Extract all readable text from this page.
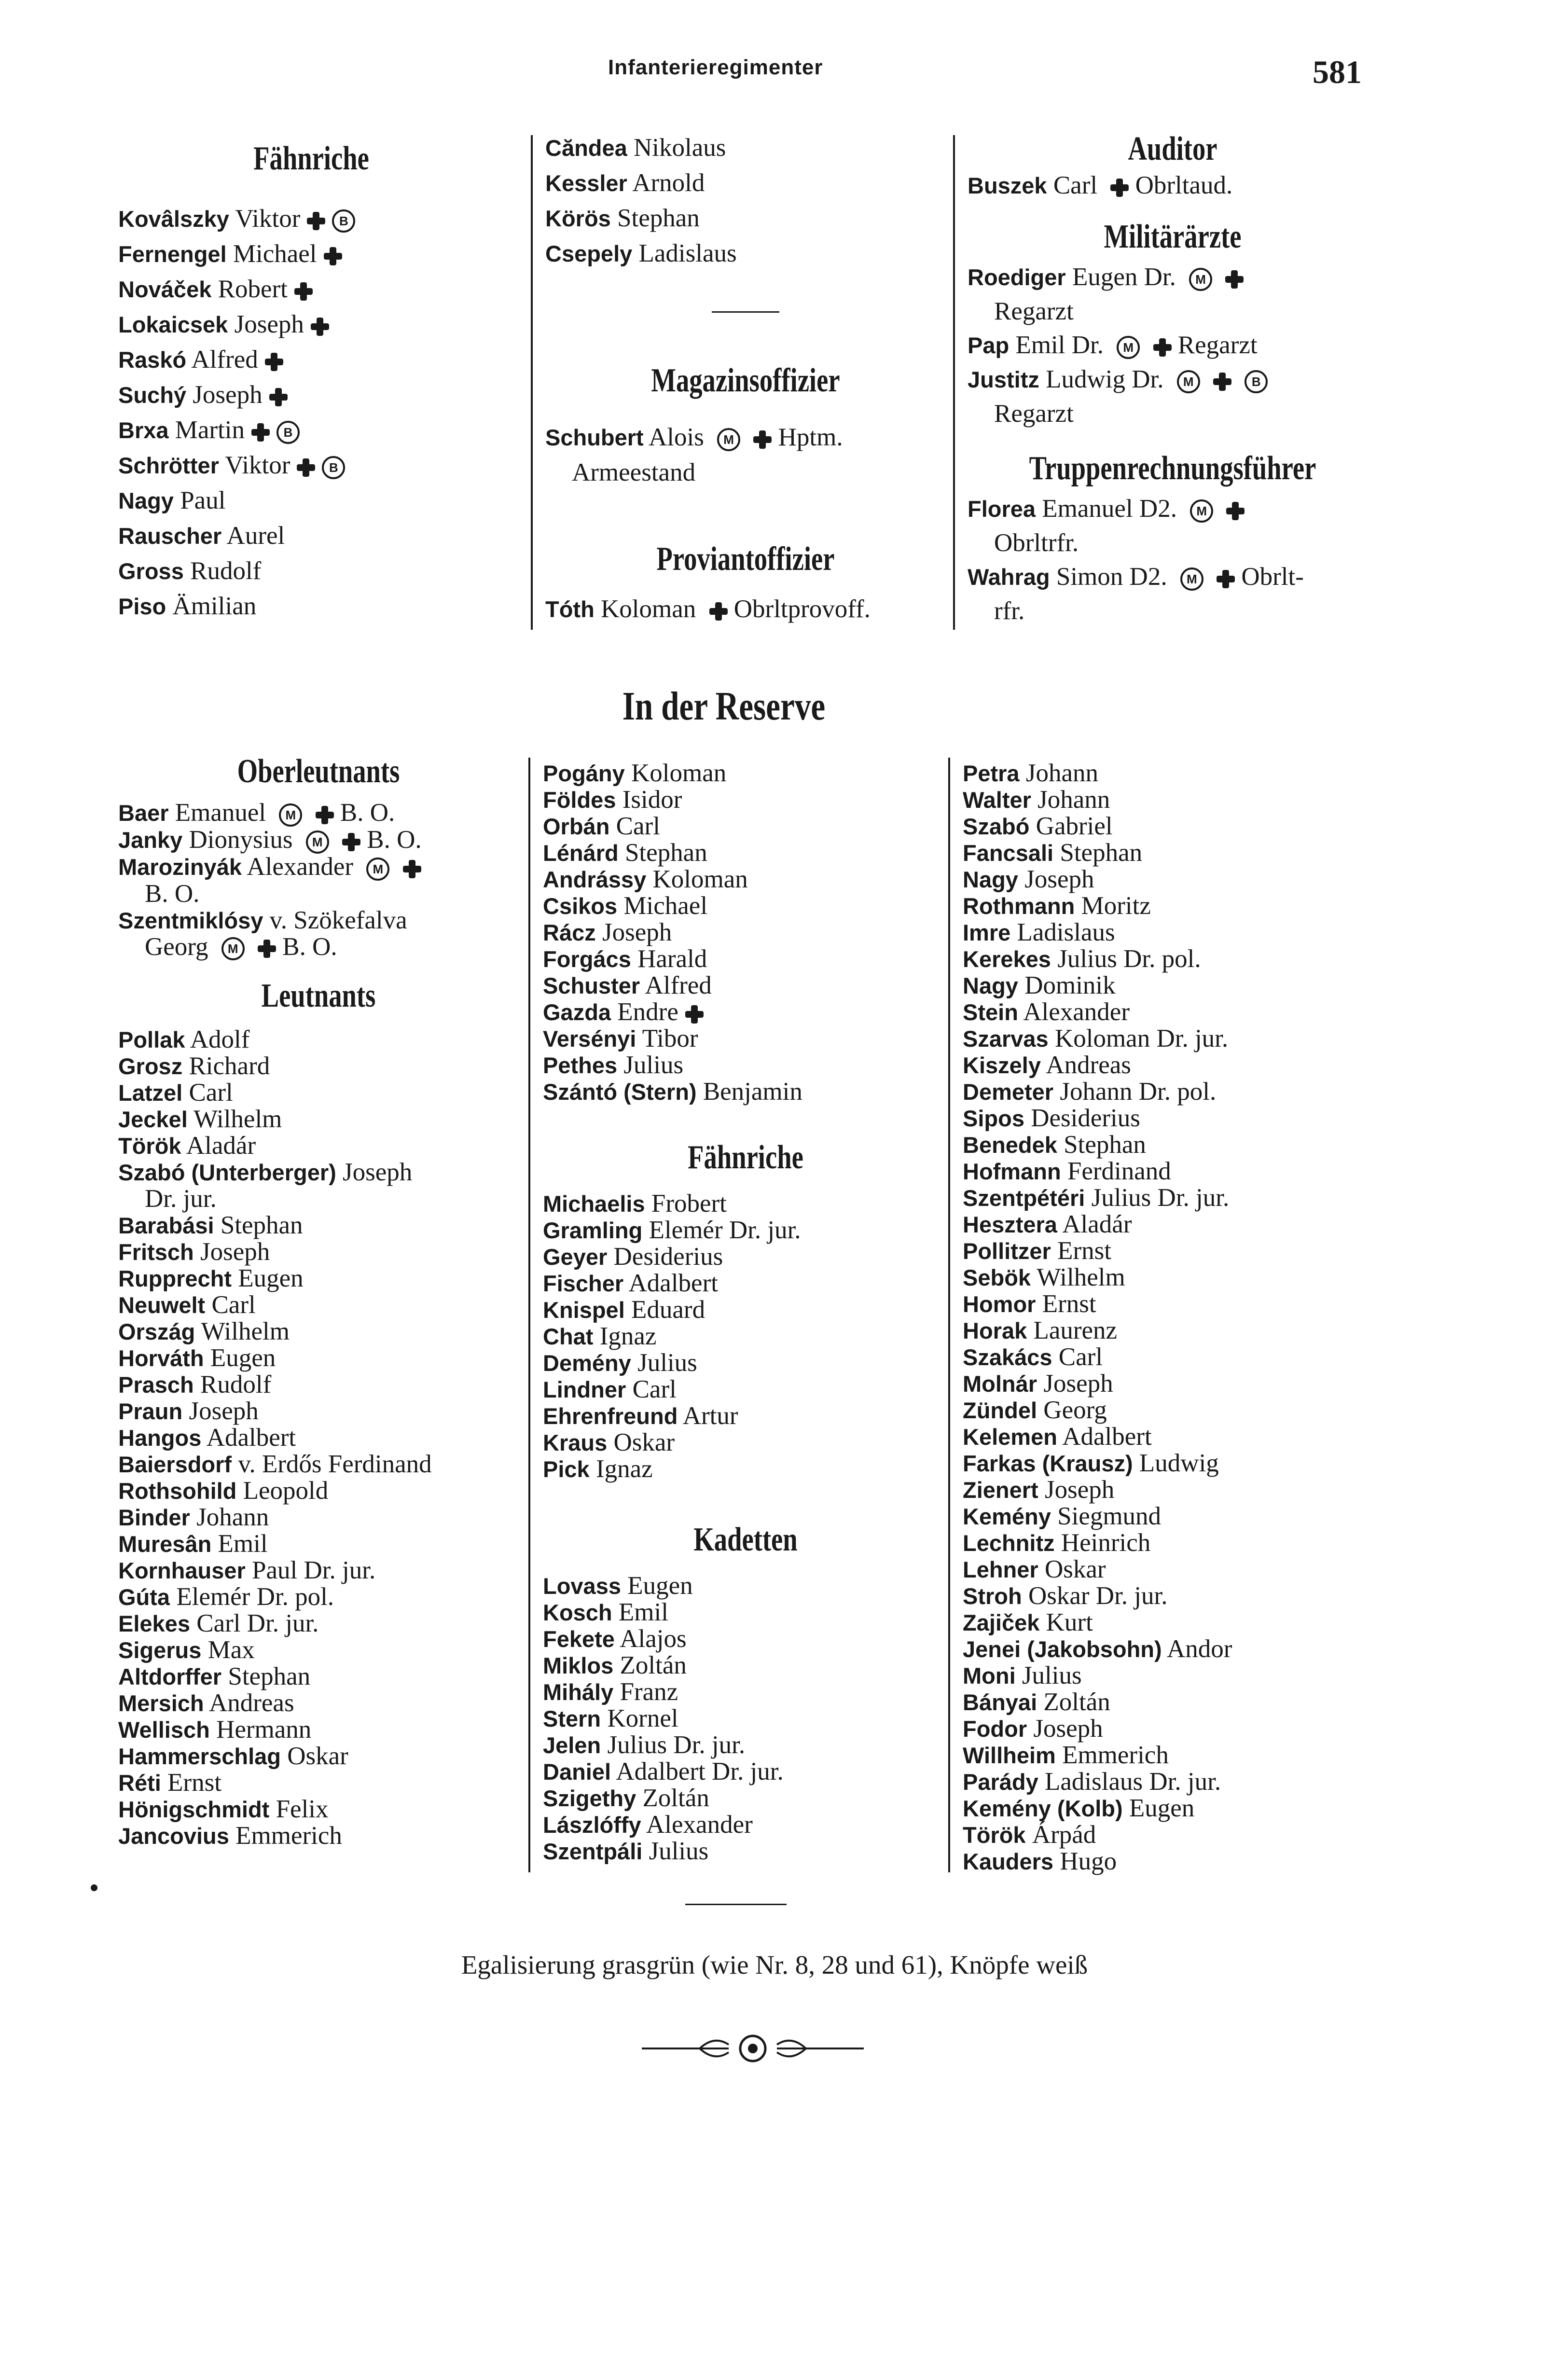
Infanterieregimenter	581
Fähnriche
Kovâlszky Viktor	B
Fernengel Michael
Nováček Robert
Lokaicsek Joseph
Raskó Alfred
Suchý Joseph
Brxa Martin	B
Schrötter Viktor	B
Nagy Paul
Rauscher Aurel
Gross Rudolf
Piso Ämilian
Căndea Nikolaus
Kessler Arnold
Körös Stephan
Csepely Ladislaus
Magazinsoffizier
Schubert Alois M Hptm.
Armeestand
Proviantoffizier
Tóth Koloman Obrltprovoff.
Auditor
Buszek Carl Obrltaud.
Militärärzte
Roediger Eugen Dr. M
Regarzt
Pap Emil Dr. M Regarzt
Justitz Ludwig Dr. M	B
Regarzt
Truppenrechnungsführer
Florea Emanuel D2. M
Obrltrfr.
Wahrag Simon D2. M Obrlt-
rfr.
In der Reserve
Oberleutnants
Baer Emanuel M B. O.
Janky Dionysius M B. O.
Marozinyák Alexander M
B. O.
Szentmiklósy v. Szökefalva
Georg M B. O.
Leutnants
Pollak Adolf
Grosz Richard
Latzel Carl
Jeckel Wilhelm
Török Aladár
Szabó (Unterberger) Joseph
Dr. jur.
Barabási Stephan
Fritsch Joseph
Rupprecht Eugen
Neuwelt Carl
Ország Wilhelm
Horváth Eugen
Prasch Rudolf
Praun Joseph
Hangos Adalbert
Baiersdorf v. Erdős Ferdinand
Rothsohild Leopold
Binder Johann
Muresân Emil
Kornhauser Paul Dr. jur.
Gúta Elemér Dr. pol.
Elekes Carl Dr. jur.
Sigerus Max
Altdorffer Stephan
Mersich Andreas
Wellisch Hermann
Hammerschlag Oskar
Réti Ernst
Hönigschmidt Felix
Jancovius Emmerich
Pogány Koloman
Földes Isidor
Orbán Carl
Lénárd Stephan
Andrássy Koloman
Csikos Michael
Rácz Joseph
Forgács Harald
Schuster Alfred
Gazda Endre
Versényi Tibor
Pethes Julius
Szántó (Stern) Benjamin
Fähnriche
Michaelis Frobert
Gramling Elemér Dr. jur.
Geyer Desiderius
Fischer Adalbert
Knispel Eduard
Chat Ignaz
Demény Julius
Lindner Carl
Ehrenfreund Artur
Kraus Oskar
Pick Ignaz
Kadetten
Lovass Eugen
Kosch Emil
Fekete Alajos
Miklos Zoltán
Mihály Franz
Stern Kornel
Jelen Julius Dr. jur.
Daniel Adalbert Dr. jur.
Szigethy Zoltán
Lászlóffy Alexander
Szentpáli Julius
Petra Johann
Walter Johann
Szabó Gabriel
Fancsali Stephan
Nagy Joseph
Rothmann Moritz
Imre Ladislaus
Kerekes Julius Dr. pol.
Nagy Dominik
Stein Alexander
Szarvas Koloman Dr. jur.
Kiszely Andreas
Demeter Johann Dr. pol.
Sipos Desiderius
Benedek Stephan
Hofmann Ferdinand
Szentpétéri Julius Dr. jur.
Hesztera Aladár
Pollitzer Ernst
Sebök Wilhelm
Homor Ernst
Horak Laurenz
Szakács Carl
Molnár Joseph
Zündel Georg
Kelemen Adalbert
Farkas (Krausz) Ludwig
Zienert Joseph
Kemény Siegmund
Lechnitz Heinrich
Lehner Oskar
Stroh Oskar Dr. jur.
Zajiček Kurt
Jenei (Jakobsohn) Andor
Moni Julius
Bányai Zoltán
Fodor Joseph
Willheim Emmerich
Parády Ladislaus Dr. jur.
Kemény (Kolb) Eugen
Török Árpád
Kauders Hugo
Egalisierung grasgrün (wie Nr. 8, 28 und 61), Knöpfe weiß
